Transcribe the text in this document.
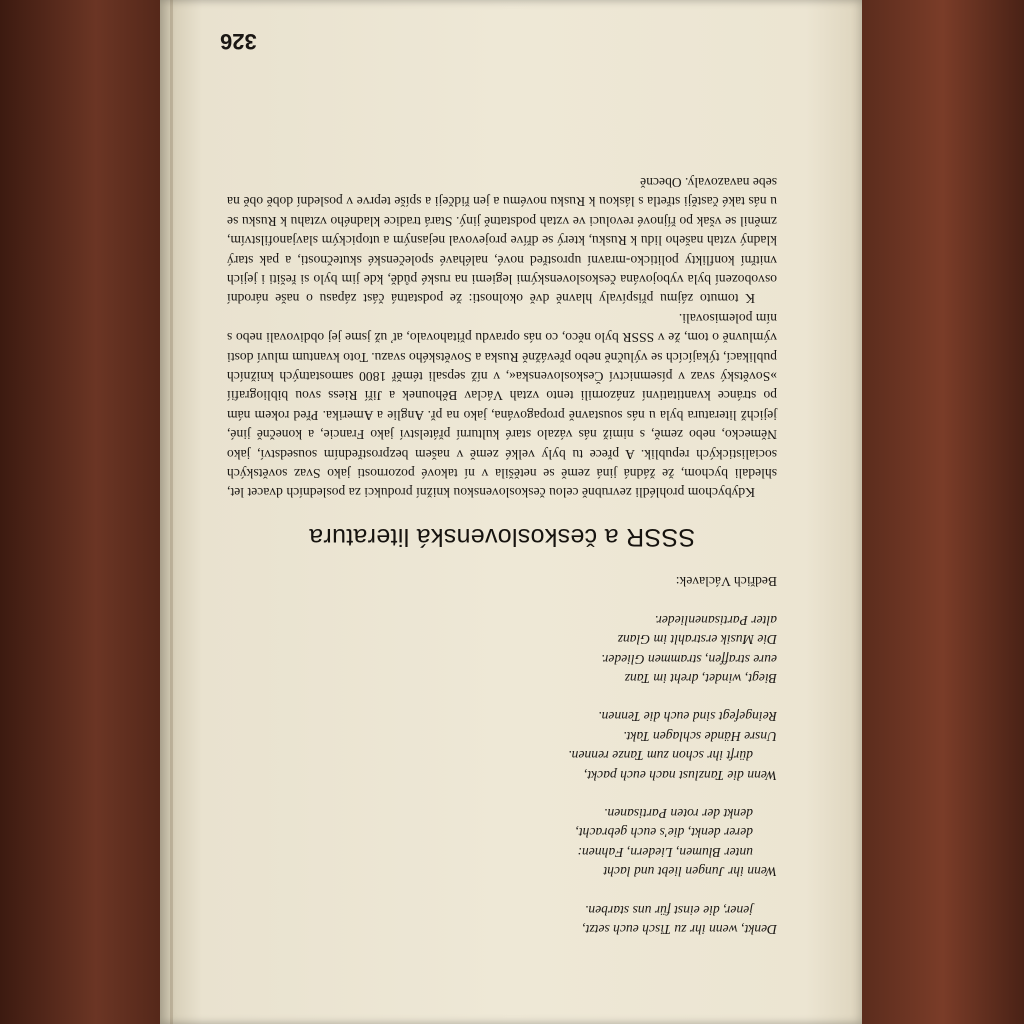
Denkt, wenn ihr zu Tisch euch setzt,
jener, die einst für uns starben.
Wenn ihr Jungen liebt und lacht
unter Blumen, Liedern, Fahnen:
derer denkt, die's euch gebracht,
denkt der roten Partisanen.
Wenn die Tanzlust nach euch packt,
dürft ihr schon zum Tanze rennen.
Unsre Hände schlagen Takt.
Reingefegt sind euch die Tennen.
Biegt, windet, dreht im Tanz
eure straffen, strammen Glieder.
Die Musik erstrahlt im Glanz
alter Partisanenlieder.
Bedřich Václavek:
SSSR a československá literatura

Kdybychom prohlédli zevrubně celou československou knižní produkci za posledních dvacet let, shledali bychom, že žádná jiná země se netěšila v ní takové pozornosti jako Svaz sovětských socialistických republik. A přece tu byly velké země v našem bezprostředním sousedství, jako Německo, nebo země, s nimiž nás vázalo staré kulturní přátelství jako Francie, a konečně jiné, jejichž literatura byla u nás soustavně propagována, jako na př. Anglie a Amerika. Před rokem nám po stránce kvantitativní znázornili tento vztah Václav Běhounek a Jiří Riess svou bibliografií »Sovětský svaz v písemnictví Československa«, v níž sepsali téměř 1800 samostatných knižních publikací, týkajících se výlučně nebo převážně Ruska a Sovětského svazu. Toto kvantum mluví dosti výmluvně o tom, že v SSSR bylo něco, co nás opravdu přitahovalo, ať už jsme jej obdivovali nebo s ním polemisovali.

K tomuto zájmu přispívaly hlavně dvě okolnosti: že podstatná část zápasu o naše národní osvobození byla vybojována československými legiemi na ruské půdě, kde jim bylo si řešiti i jejich vnitřní konflikty politicko-mravní uprostřed nové, naléhavé společenské skutečnosti, a pak starý kladný vztah našeho lidu k Rusku, který se dříve projevoval nejasným a utopickým slavjanofilstvím, změnil se však po říjnové revoluci ve vztah podstatně jiný. Stará tradice kladného vztahu k Rusku se u nás také častěji střetla s láskou k Rusku novému a jen řidčeji a spíše teprve v poslední době obě na sebe navazovaly. Obecně

326
